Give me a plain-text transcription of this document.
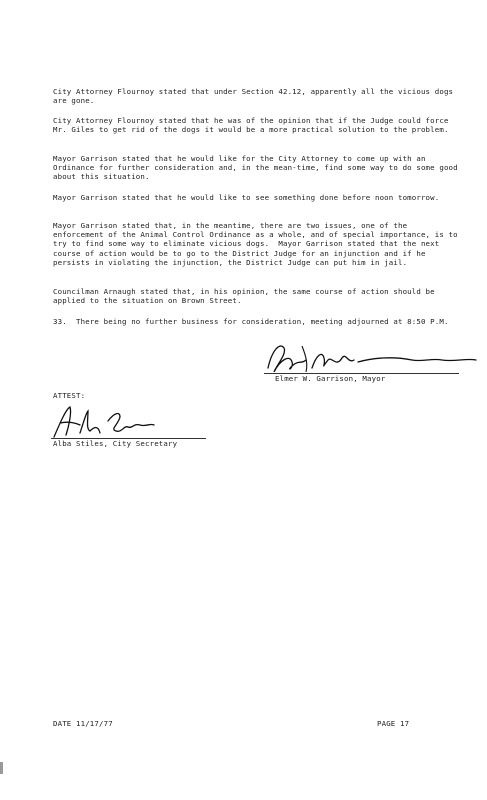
City Attorney Flournoy stated that under Section 42.12, apparently all the vicious dogs are gone.

City Attorney Flournoy stated that he was of the opinion that if the Judge could force Mr. Giles to get rid of the dogs it would be a more practical solution to the problem.

Mayor Garrison stated that he would like for the City Attorney to come up with an Ordinance for further consideration and, in the mean-time, find some way to do some good about this situation.

Mayor Garrison stated that he would like to see something done before noon tomorrow.

Mayor Garrison stated that, in the meantime, there are two issues, one of the enforcement of the Animal Control Ordinance as a whole, and of special importance, is to try to find some way to eliminate vicious dogs.  Mayor Garrison stated that the next course of action would be to go to the District Judge for an injunction and if he persists in violating the injunction, the District Judge can put him in jail.

Councilman Arnaugh stated that, in his opinion, the same course of action should be applied to the situation on Brown Street.

33.  There being no further business for consideration, meeting adjourned at 8:50 P.M.

Elmer W. Garrison, Mayor
ATTEST:
Alba Stiles, City Secretary
DATE 11/17/77	PAGE 17
